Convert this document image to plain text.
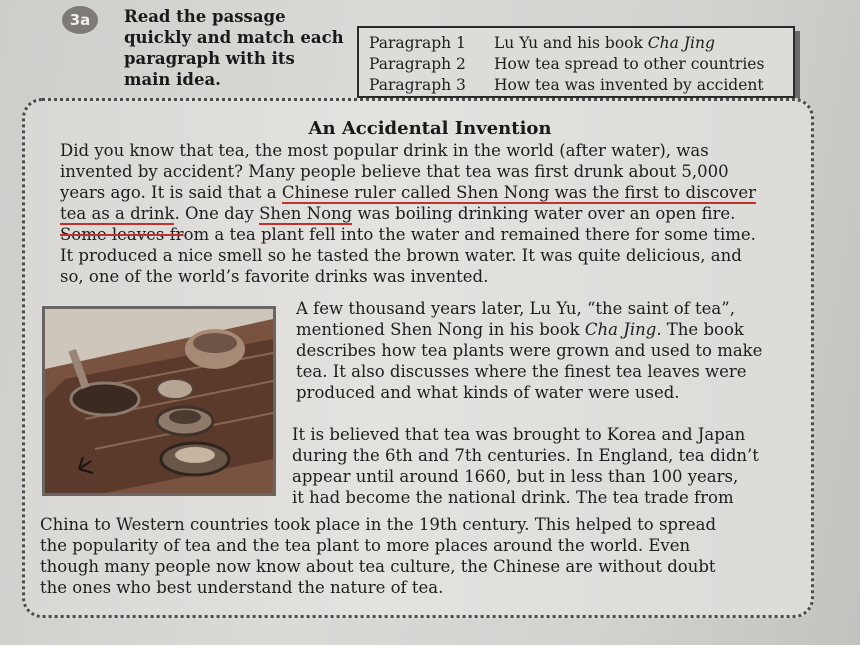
3a	Read the passage quickly and match each paragraph with its main idea.
Paragraph 1	Lu Yu and his book Cha Jing
Paragraph 2	How tea spread to other countries
Paragraph 3	How tea was invented by accident
An Accidental Invention
Did you know that tea, the most popular drink in the world (after water), was
invented by accident? Many people believe that tea was first drunk about 5,000
years ago. It is said that a Chinese ruler called Shen Nong was the first to discover
tea as a drink. One day Shen Nong was boiling drinking water over an open fire.
Some leaves from a tea plant fell into the water and remained there for some time.
It produced a nice smell so he tasted the brown water. It was quite delicious, and
so, one of the world’s favorite drinks was invented.
A few thousand years later, Lu Yu, “the saint of tea”,
mentioned Shen Nong in his book Cha Jing. The book
describes how tea plants were grown and used to make
tea. It also discusses where the finest tea leaves were
produced and what kinds of water were used.
It is believed that tea was brought to Korea and Japan
during the 6th and 7th centuries. In England, tea didn’t
appear until around 1660, but in less than 100 years,
it had become the national drink. The tea trade from
China to Western countries took place in the 19th century. This helped to spread
the popularity of tea and the tea plant to more places around the world. Even
though many people now know about tea culture, the Chinese are without doubt
the ones who best understand the nature of tea.
